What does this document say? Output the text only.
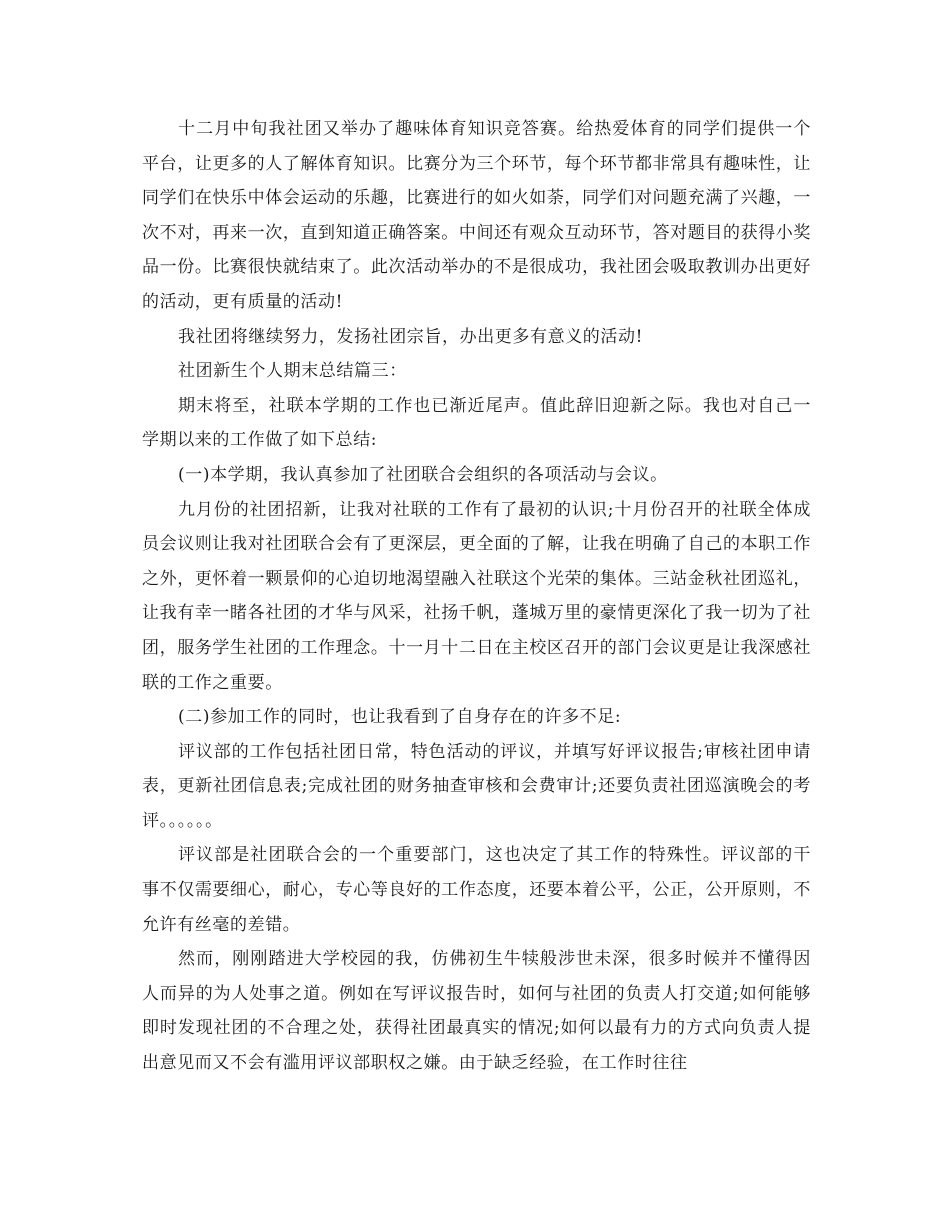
十二月中旬我社团又举办了趣味体育知识竞答赛。给热爱体育的同学们提供一个平台，让更多的人了解体育知识。比赛分为三个环节，每个环节都非常具有趣味性，让同学们在快乐中体会运动的乐趣，比赛进行的如火如荼，同学们对问题充满了兴趣，一次不对，再来一次，直到知道正确答案。中间还有观众互动环节，答对题目的获得小奖品一份。比赛很快就结束了。此次活动举办的不是很成功，我社团会吸取教训办出更好的活动，更有质量的活动!

我社团将继续努力，发扬社团宗旨，办出更多有意义的活动!

社团新生个人期末总结篇三：

期末将至，社联本学期的工作也已渐近尾声。值此辞旧迎新之际。我也对自己一学期以来的工作做了如下总结:

(一)本学期，我认真参加了社团联合会组织的各项活动与会议。

九月份的社团招新，让我对社联的工作有了最初的认识;十月份召开的社联全体成员会议则让我对社团联合会有了更深层，更全面的了解，让我在明确了自己的本职工作之外，更怀着一颗景仰的心迫切地渴望融入社联这个光荣的集体。三站金秋社团巡礼，让我有幸一睹各社团的才华与风采，社扬千帆，蓬城万里的豪情更深化了我一切为了社团，服务学生社团的工作理念。十一月十二日在主校区召开的部门会议更是让我深感社联的工作之重要。

(二)参加工作的同时，也让我看到了自身存在的许多不足:

评议部的工作包括社团日常，特色活动的评议，并填写好评议报告;审核社团申请表，更新社团信息表;完成社团的财务抽查审核和会费审计;还要负责社团巡演晚会的考评。。。。。。

评议部是社团联合会的一个重要部门，这也决定了其工作的特殊性。评议部的干事不仅需要细心，耐心，专心等良好的工作态度，还要本着公平，公正，公开原则，不允许有丝毫的差错。

然而，刚刚踏进大学校园的我，仿佛初生牛犊般涉世未深，很多时候并不懂得因人而异的为人处事之道。例如在写评议报告时，如何与社团的负责人打交道;如何能够即时发现社团的不合理之处，获得社团最真实的情况;如何以最有力的方式向负责人提出意见而又不会有滥用评议部职权之嫌。由于缺乏经验，在工作时往往
